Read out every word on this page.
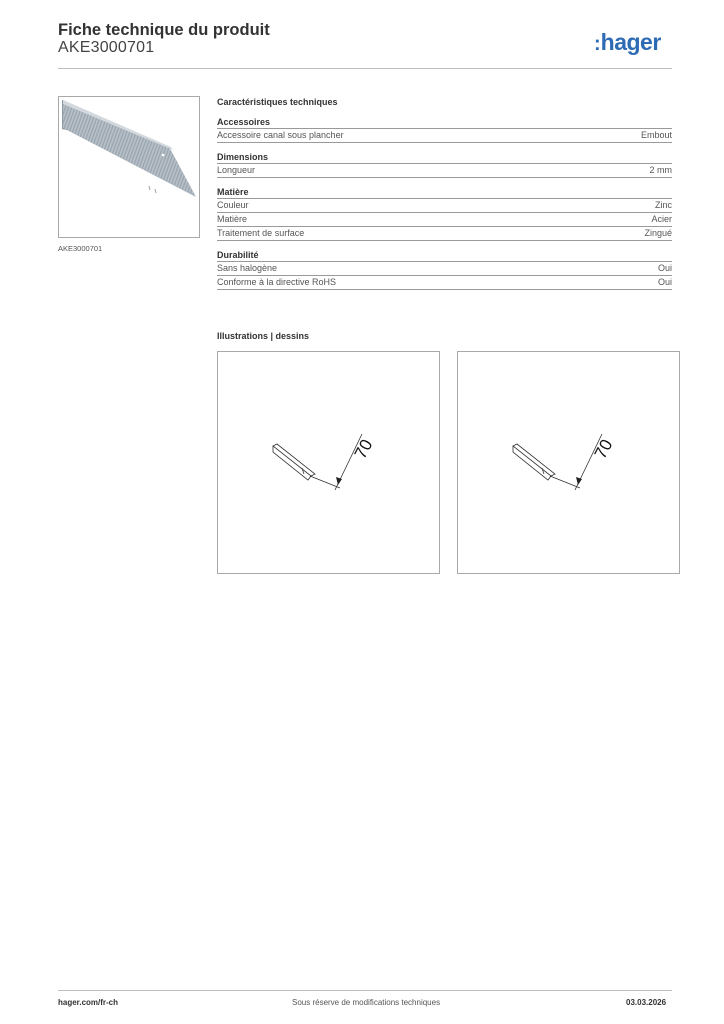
Fiche technique du produit
AKE3000701	:hager
AKE3000701
Caractéristiques techniques
Accessoires
Accessoire canal sous plancher	Embout
Dimensions
Longueur	2 mm
Matière
Couleur	Zinc
Matière	Acier
Traitement de surface	Zingué
Durabilité
Sans halogène	Oui
Conforme à la directive RoHS	Oui
Illustrations | dessins
70	70
hager.com/fr-ch	Sous réserve de modifications techniques	03.03.2026
